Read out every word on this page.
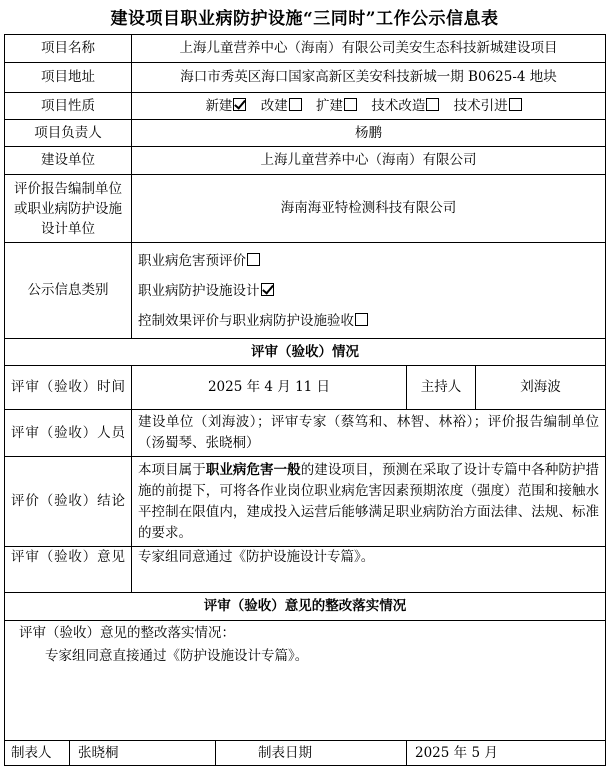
建设项目职业病防护设施“三同时”工作公示信息表
项目名称	上海儿童营养中心（海南）有限公司美安生态科技新城建设项目			
项目地址	海口市秀英区海口国家高新区美安科技新城一期 B0625-4 地块			
项目性质	新建 改建 扩建 技术改造 技术引进			
项目负责人	杨鹏			
建设单位	上海儿童营养中心（海南）有限公司			
评价报告编制单位或职业病防护设施设计单位	海南海亚特检测科技有限公司			
公示信息类别	职业病危害预评价
职业病防护设施设计
控制效果评价与职业病防护设施验收			

评审（验收）情况				
评审（验收）时间	2025 年 4 月 11 日		主持人	刘海波
评审（验收）人员	建设单位（刘海波）；评审专家（蔡笃和、林智、林裕）；评价报告编制单位（汤蜀琴、张晓桐）			
评价（验收）结论	本项目属于职业病危害一般的建设项目，预测在采取了设计专篇中各种防护措施的前提下，可将各作业岗位职业病危害因素预期浓度（强度）范围和接触水平控制在限值内，建成投入运营后能够满足职业病防治方面法律、法规、标准的要求。			
评审（验收）意见	专家组同意通过《防护设施设计专篇》。			
评审（验收）意见的整改落实情况				

评审（验收）意见的整改落实情况：
专家组同意直接通过《防护设施设计专篇》。				

制表人 张晓桐		制表日期	2025 年 5 月	
